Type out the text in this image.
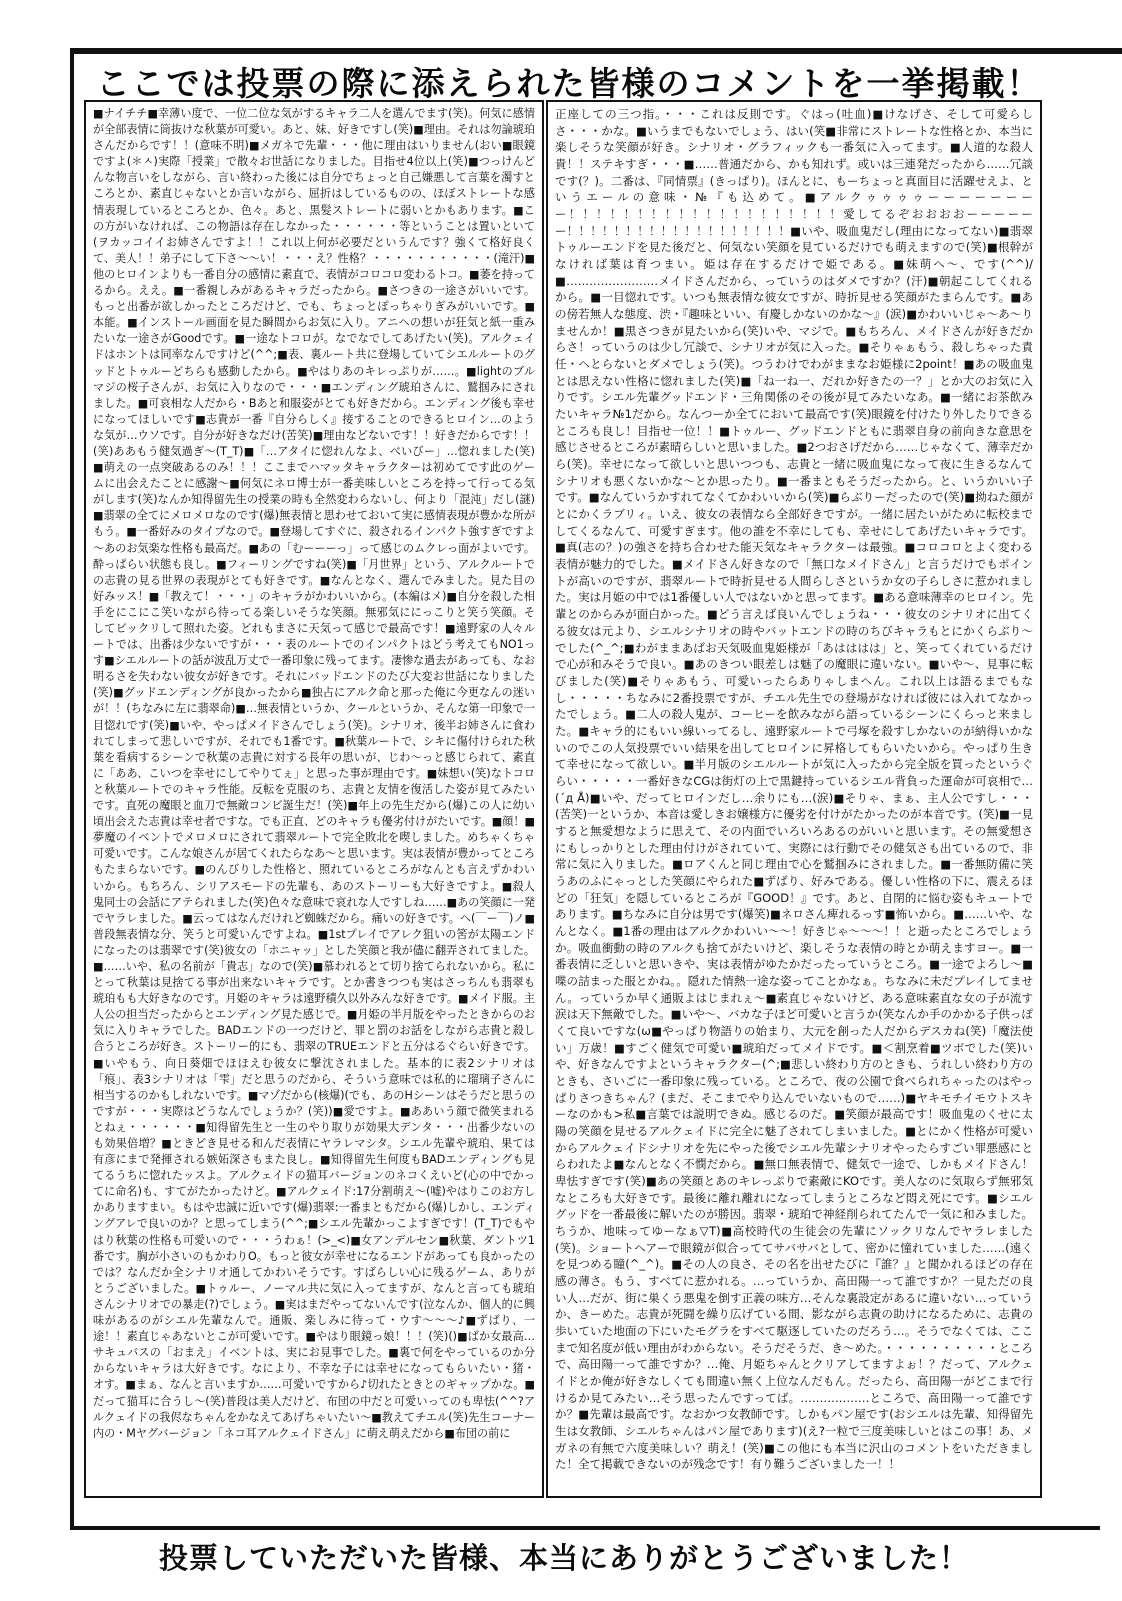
ここでは投票の際に添えられた皆様のコメントを一挙掲載！

■ナイチチ■幸薄い度で、一位二位な気がするキャラ二人を選んでます(笑)。何気に感情が全部表情に筒抜けな秋葉が可愛い。あと、妹、好きですし(笑)■理由。それは勿論琥珀さんだからです！！(意味不明)■メガネで先輩・・・他に理由はいりません(おい■眼鏡ですよ(＊ㅅ)実際「授業」で散々お世話になりました。目指せ4位以上(笑)■つっけんどんな物言いをしながら、言い終わった後には自分でちょっと自己嫌悪して言葉を濁すところとか、素直じゃないとか言いながら、屈折はしているものの、ほぼストレートな感情表現しているところとか、色々。あと、黒髪ストレートに弱いとかもあります。■この方がいなければ、この物語は存在しなかった・・・・・・等ということは置いといて(ヲカッコイイお姉さんですよ！！これ以上何が必要だというんです？強くて格好良くて、美人！！弟子にして下さ～～い！・・・え？性格？・・・・・・・・・・・(滝汗)■他のヒロインよりも一番自分の感情に素直で、表情がコロコロ変わるトコ。■萎を持ってるから。ええ。■一番親しみがあるキャラだったから。■さつきの一途さがいいです。もっと出番が欲しかったところだけど、でも、ちょっとぽっちゃりぎみがいいです。■本能。■インストール画面を見た瞬間からお気に入り。アニヘの想いが狂気と紙一重みたいな一途さがGoodです。■一途なトコロが。なでなでしてあげたい(笑)。アルクェイドはホントは同率なんですけど(^^;■表、裏ルート共に登場していてシエルルートのグッドとトゥルーどちらも感動したから。■やはりあのキレっぷりが……。■lightのブルマジの桜子さんが、お気に入りなので・・・■エンディング琥珀さんに、鷲掴みにされました。■可哀相な人だから・Bあと和服姿がとても好きだから。エンディング後も幸せになってほしいです■志貴が一番『自分らしく』接することのできるヒロイン…のような気が…ウソです。自分が好きなだけ(苦笑)■理由などないです！！好きだからです！！(笑)ああもう健気過ぎ～(T_T)■「…アタイに惚れんなよ、べいびー」…惚れました(笑)■萌えの一点突破あるのみ！！！ここまでハマッタキャラクターは初めてです此のゲームに出会えたことに感謝～■何気にネロ博士が一番美味しいところを持って行ってる気がします(笑)なんか知得留先生の授業の時も全然変わらないし、何より「混沌」だし(謎)■翡翠の全てにメロメロなのです(爆)無表情と思わせておいて実に感情表現が豊かな所がもう。■一番好みのタイプなので。■登場してすぐに、殺されるインパクト強すぎですよ～あのお気楽な性格も最高だ。■あの「むーーーっ」って感じのムクレっ面がよいです。酔っぱらい状態も良し。■フィーリングですね(笑)■「月世界」という、アルクルートでの志貴の見る世界の表現がとても好きです。■なんとなく、選んでみました。見た目の好みッス！■「教えて！・・・」のキャラがかわいいから。(本編はメ)■自分を殺した相手をにこにこ笑いながら待ってる楽しいそうな笑顔。無邪気ににっこりと笑う笑顔。そしてビックリして照れた姿。どれもまさに天気って感じで最高です！■遠野家の人々ルートでは、出番は少ないですが・・・表のルートでのインパクトはどう考えてもNO1っす■シエルルートの話が波乱万丈で一番印象に残ってます。凄惨な過去があっても、なお明るさを失わない彼女が好きです。それにバッドエンドのたび大変お世話になりました(笑)■グッドエンディングが良かったから■独占にアルク命と那った俺に今更なんの迷いが！！(ちなみに左に翡翠命)■…無表情というか、クールというか、そんな第一印象で一目惚れです(笑)■いや、やっぱメイドさんでしょう(笑)。シナリオ、後半お姉さんに食われてしまって悲しいですが、それでも1番です。■秋葉ルートで、シキに傷付けられた秋葉を看病するシーンで秋葉の志貴に対する長年の思いが、じわ～っと感じられて、素直に「ああ、こいつを幸せにしてやりてぇ」と思った事が理由です。■妹想い(笑)なトコロと秋葉ルートでのキャラ性能。反転を克服のち、志貴と友情を復活した姿が見てみたいです。直死の魔眼と血刀で無敵コンビ誕生だ！(笑)■年上の先生だから(爆)この人に幼い頃出会えた志貴は幸せ者ですな。でも正直、どのキャラも優劣付けがたいです。■顔！■夢魔のイベントでメロメロにされて翡翠ルートで完全敗北を喫しました。めちゃくちゃ可愛いです。こんな娘さんが居てくれたらなあ～と思います。実は表情が豊かってところもたまらないです。■のんびりした性格と、照れているところがなんとも言えずかわいいから。もちろん、シリアスモードの先輩も、あのストーリーも大好きですよ。■殺人鬼同士の会話にアテられました(笑)色々な意味で哀れな人ですしね……■あの笑顔に一発でヤラレました。■云ってはなんだけれど蜘蛛だから。痛いの好きです。ヘ(￣ー￣)ノ■普段無表情な分、笑うと可愛いんですよね。■1stプレイでアレク狙いの筈が太陽エンドになったのは翡翠です(笑)彼女の「ホニャッ」とした笑顔と我が儘に翻弄されてました。■……いや、私の名前が「貴志」なので(笑)■慕われるとて切り捨てられないから。私にとって秋葉は見捨てる事が出来ないキャラです。とか書きつつも実はさっちんも翡翠も琥珀もも大好きなのです。月姫のキャラは遠野積久以外みんな好きです。■メイド服。主人公の担当だったからとエンディング見た感じで。■月姫の半月版をやったときからのお気に入りキャラでした。BADエンドの一つだけど、罪と罰のお話をしながら志貴と殺し合うところが好き。ストーリー的にも、翡翠のTRUEエンドと五分はるぐらい好きです。■いやもう、向日葵畑でほほえむ彼女に撃沈されました。基本的に表2シナリオは「痕」、表3シナリオは「雫」だと思うのだから、そういう意味では私的に瑠璃子さんに相当するのかもしれないです。■マゾだから(核爆)(でも、あのHシーンはそうだと思うのですが・・・実際はどうなんでしょうか？(笑))■愛ですよ。■ああいう顔で微笑まれるとねぇ・・・・・・■知得留先生と一生のやり取りが効果大デンタ・・・出番少ないのも効果倍増？■ときどき見せる和んだ表情にヤラレマシタ。シエル先輩や琥珀、果ては有彦にまで発揮される嫉妬深さもまた良し。■知得留先生何度もBADエンディングも見てるうちに惚れたッスよ。アルクェイドの猫耳バージョンのネコくえいど(心の中でかってに命名)も、すてがたかったけど。■アルクェイド:17分割萌え～(嘘)やはりこのお方しかありますまい。もはや忠誠に近いです(爆)翡翠:一番まともだから(爆)しかし、エンディングアレで良いのか？と思ってしまう(^^;■シエル先輩かっこよすぎです！(T_T)でもやはり秋葉の性格も可愛いので・・・うわぁ！(>_<)■女アンデルセン■秋葉、ダントツ1番です。胸が小さいのもかわりO。もっと彼女が幸せになるエンドがあっても良かったのでは？なんだか全シナリオ通してかわいそうです。すばらしい心に残るゲーム、ありがとうございました。■トゥルー、ノーマル共に気に入ってますが、なんと言っても琥珀さんシナリオでの暴走(?)でしょう。■実はまだやってないんです(泣なんか、個人的に興味があるのがシエル先輩なんで。通販、楽しみに待って・ウす～～～♪■ずばり、一途！！素直じゃあないとこが可愛いです。■やはり眼鏡っ娘！！！(笑)()■ばか女最高…サキュバスの「おまえ」イベントは、実にお見事でした。■裏で何をやっているのか分からないキャラは大好きです。なにより、不幸な子には幸せになってもらいたい・猪・オす。■まぁ、なんと言いますか……可愛いですから♪切れたときとのギャップかな。■だって猫耳に合うし～(笑)普段は美人だけど、布団の中だと可愛いってのも卑怯(^^?アルクェイドの我侭なちゃんをかなえてあげちゃいたい～■教えてチエル(笑)先生コーナー内の・Mヤグバージョン「ネコ耳アルクェイドさん」に萌え萌えだから■布団の前に

正座しての三つ指。・・・これは反則です。ぐはっ(吐血)■けなげさ、そして可愛らしさ・・・かな。■いうまでもないでしょう、はい(笑■非常にストレートな性格とか、本当に楽しそうな笑顔が好き。シナリオ・グラフィックも一番気に入ってます。■人道的な殺人貴！！ステキすぎ・・・■……普通だから、かも知れず。或いは三連発だったから……冗談です(？)。二番は、『同情票』(きっぱり)。ほんとに、もーちょっと真面目に活躍せえよ、というエールの意味・№『も込めて。■アルクゥゥゥゥーーーーーーーー！！！！！！！！！！！！！！！！！！！！愛してるぞおおおおーーーーーー！！！！！！！！！！！！！！！！！！！■いや、吸血鬼だし(理由になってない)■翡翠トゥルーエンドを見た後だと、何気ない笑顔を見ているだけでも萌えますので(笑)■根幹がなければ葉は育つまい。姫は存在するだけで姫である。■妹萌へ～、です(^^)/■……………………メイドさんだから、っていうのはダメですか？(汗)■朝起こしてくれるから。■一目惚れです。いつも無表情な彼女ですが、時折見せる笑顔がたまらんです。■あの傍若無人な態度、渋・『趣味といい、有慶しかないのかな～』(涙)■かわいいじゃ～あ～りませんか！■黒さつきが見たいから(笑)いや、マジで。■もちろん、メイドさんが好きだからさ！っていうのは少し冗談で、シナリオが気に入った。■そりゃぁもう、殺しちゃった責任・ヘとらないとダメでしょう(笑)。つうわけでわがままなお姫様に2point！■あの吸血鬼とは思えない性格に惚れました(笑)■「ね一ね一、だれか好きたの一？」とか大のお気に入りです。シエル先輩グッドエンド・三角関係のその後が見てみたいなあ。■一緒にお茶飲みたいキャラ№1だから。なんつーか全てにおいて最高です(笑)眼鏡を付けたり外したりできるところも良し！目指せ一位！！■トゥルー、グッドエンドともに翡翠自身の前向きな意思を感じさせるところが素晴らしいと思いました。■2つおさげだから……じゃなくて、薄幸だから(笑)。幸せになって欲しいと思いつつも、志貴と一緒に吸血鬼になって夜に生きるなんてシナリオも悪くないかな～とか思ったり。■一番まともそうだったから。と、いうかいい子です。■なんていうかすれてなくてかわいいから(笑)■らぶりーだったので(笑)■拗ねた顔がとにかくラブリィ。いえ、彼女の表情なら全部好きですが。一緒に居たいがために転校までしてくるなんて、可愛すぎます。他の誰を不幸にしても、幸せにしてあげたいキャラです。■真(志の？)の強さを持ち合わせた能天気なキャラクターは最強。■コロコロとよく変わる表情が魅力的でした。■メイドさん好きなので「無口なメイドさん」と言うだけでもポイントが高いのですが、翡翠ルートで時折見せる人間らしさというか女の子らしさに惹かれました。実は月姫の中では1番優しい人ではないかと思ってます。■ある意味薄幸のヒロイン。先輩とのからみが面白かった。■どう言えば良いんでしょうね・・・彼女のシナリオに出てくる彼女は元より、シエルシナリオの時やバットエンドの時のちびキャラもとにかくらぶり～でした(^_^;■わがままあばお天気吸血鬼姫様が「あはははは」と、笑ってくれているだけで心が和みそうで良い。■あのきつい眼差しは魅了の魔眼に違いない。■いや～、見事に転びました(笑)■そりゃあもう、可愛いったらありゃしまへん。これ以上は語るまでもなし・・・・・ちなみに2番投票ですが、チエル先生での登場がなければ彼には入れてなかったでしょう。■二人の殺人鬼が、コーヒーを飲みながら語っているシーンにくらっと来ました。■キャラ的にもいい線いってるし、遠野家ルートで弓塚を殺すしかないのが納得いかないのでこの人気投票でいい結果を出してヒロインに昇格してもらいたいから。やっぱり生きて幸せになって欲しい。■半月版のシエルルートが気に入ったから完全版を買ったというぐらい・・・・・一番好きなCGは街灯の上で黒鍵持っているシエル背負った運命が可哀相で…(´д Å)■いや、だってヒロインだし…余りにも…(涙)■そりゃ、まぁ、主人公ですし・・・(苦笑)一というか、本音は愛しきお嬢様方に優劣を付けがたかったのが本音です。(笑)■一見すると無愛想なように思えて、その内面でいろいろあるのがいいと思います。その無愛想さにもしっかりとした理由付けがされていて、実際には行動でその健気さも出ているので、非常に気に入りました。■ロアくんと同じ理由で心を鷲掴みにされました。■一番無防備に笑うあのふにゃっとした笑顔にやられた■ずばり、好みである。優しい性格の下に、震えるほどの「狂気」を隠しているところが『GOOD！』です。あと、自閉的に悩む姿もキュートであります。■ちなみに自分は男です(爆笑)■ネロさん痺れるっす■怖いから。■……いや、なんとなく。■1番の理由はアルクかわいい～～！好きじゃ～～～！！と逝ったところでしょうか。吸血衝動の時のアルクも捨てがたいけど、楽しそうな表情の時とか萌えますヨー。■一番表情に乏しいと思いきや、実は表情がゆたかだったっていうところ。■一途でよろし～■喋の詰まった服とかね。。隠れた情熱一途な姿ってことかなぁ。ちなみに未だプレイしてません。っていうか早く通販よはじまれぇ～■素直じゃないけど、ある意味素直な女の子が流す涙は天下無敵でした。■いや～、バカな子ほど可愛いと言うか(笑なんか手のかかる子供っぽくて良いですな(ω■やっぱり物語りの始まり、大元を創った人だからデスカね(笑)「魔法使い」万歳！■すごく健気で可愛い■琥珀だってメイドです。■＜割烹着■ツボでした(笑)いや、好きなんですよというキャラクター(^;■悲しい終わり方のときも、うれしい終わり方のときも、さいごに一番印象に残っている。ところで、夜の公園で食べられちゃったのはやっぱりさつきちゃん？(まだ、そこまでやり込んでいないもので……)■ヤキモチイモウトスキーなのかも>私■言葉では説明できぬ。感じるのだ。■笑顔が最高です！吸血鬼のくせに太陽の笑顔を見せるアルクェイドに完全に魅了されてしまいました。■とにかく性格が可愛いからアルクェイドシナリオを先にやった後でシエル先輩シナリオやったらすごい罪悪感にとらわれたよ■なんとなく不憫だから。■無口無表情で、健気で一途で、しかもメイドさん！卑怯すぎです(笑)■あの笑顔とあのキレっぷりで素敵にKOです。美人なのに気取らず無邪気なところも大好きです。最後に離れ離れになってしまうところなど悶え死にです。■シエルグッドを一番最後に解いたのが勝因。翡翠・琥珀で神経削られてたんで一気に和みました。ちうか、地味ってゆーなぁ▽T)■高校時代の生徒会の先輩にソックリなんでヤラレました(笑)。ショートヘアーで眼鏡が似合っててサバサバとして、密かに憧れていました……(遠くを見つめる瞳(^_^)。■その人の良さ、その名を出せたびに『誰？』と聞かれるほどの存在感の薄さ。もう、すべてに惹かれる。…っていうか、高田陽一って誰ですか？一見ただの良い人…だが、街に巣くう悪鬼を倒す正義の味方…そんな裏設定があるに違いない…っていうか、きーめた。志貴が死闘を繰り広げている間、影ながら志貴の助けになるために、志貴の歩いていた地面の下にいたモグラをすべて駆逐していたのだろう…。そうでなくては、ここまで知名度が低い理由がわからない。そうだそうだ、き～めた。・・・・・・・・・・ところで、高田陽一って誰ですか？…俺、月姫ちゃんとクリアしてますよぉ！？だって、アルクェイドとか俺が好きなしくても間違い無く上位なんだもん。だったら、高田陽一がどこまで行けるか見てみたい…そう思ったんですってば。………………ところで、高田陽一って誰ですか？■先輩は最高です。なおかつ女教師です。しかもパン屋です(おシエルは先輩、知得留先生は女教師、シエルちゃんはパン屋であります)(え?一粒で三度美味しいとはこの事！あ、メガネの有無で六度美味しい？萌え！(笑)■この他にも本当に沢山のコメントをいただきました！全て掲載できないのが残念です！有り難うございました一！！

投票していただいた皆様、本当にありがとうございました！
